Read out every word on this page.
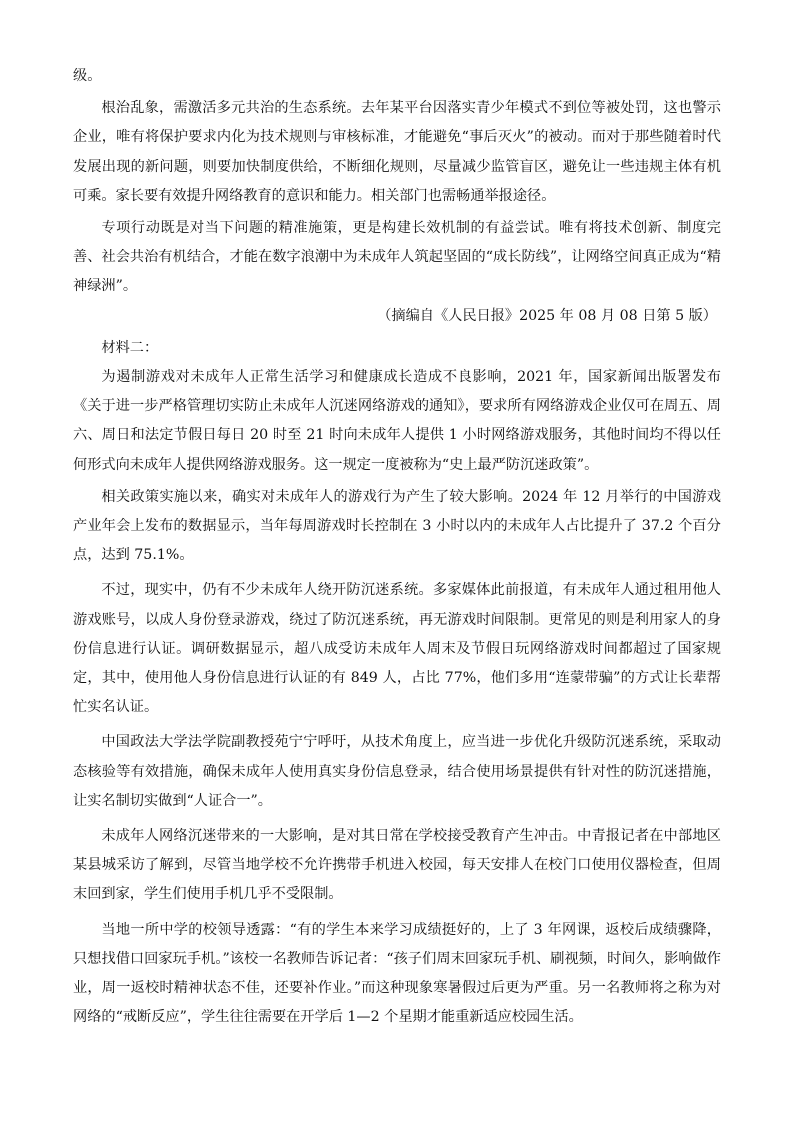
级。

根治乱象，需激活多元共治的生态系统。去年某平台因落实青少年模式不到位等被处罚，这也警示企业，唯有将保护要求内化为技术规则与审核标准，才能避免“事后灭火”的被动。而对于那些随着时代发展出现的新问题，则要加快制度供给，不断细化规则，尽量减少监管盲区，避免让一些违规主体有机可乘。家长要有效提升网络教育的意识和能力。相关部门也需畅通举报途径。

专项行动既是对当下问题的精准施策，更是构建长效机制的有益尝试。唯有将技术创新、制度完善、社会共治有机结合，才能在数字浪潮中为未成年人筑起坚固的“成长防线”，让网络空间真正成为“精神绿洲”。

（摘编自《人民日报》2025 年 08 月 08 日第 5 版）

材料二：

为遏制游戏对未成年人正常生活学习和健康成长造成不良影响，2021 年，国家新闻出版署发布《关于进一步严格管理切实防止未成年人沉迷网络游戏的通知》，要求所有网络游戏企业仅可在周五、周六、周日和法定节假日每日 20 时至 21 时向未成年人提供 1 小时网络游戏服务，其他时间均不得以任何形式向未成年人提供网络游戏服务。这一规定一度被称为“史上最严防沉迷政策”。

相关政策实施以来，确实对未成年人的游戏行为产生了较大影响。2024 年 12 月举行的中国游戏产业年会上发布的数据显示，当年每周游戏时长控制在 3 小时以内的未成年人占比提升了 37.2 个百分点，达到 75.1%。

不过，现实中，仍有不少未成年人绕开防沉迷系统。多家媒体此前报道，有未成年人通过租用他人游戏账号，以成人身份登录游戏，绕过了防沉迷系统，再无游戏时间限制。更常见的则是利用家人的身份信息进行认证。调研数据显示，超八成受访未成年人周末及节假日玩网络游戏时间都超过了国家规定，其中，使用他人身份信息进行认证的有 849 人，占比 77%，他们多用“连蒙带骗”的方式让长辈帮忙实名认证。

中国政法大学法学院副教授苑宁宁呼吁，从技术角度上，应当进一步优化升级防沉迷系统，采取动态核验等有效措施，确保未成年人使用真实身份信息登录，结合使用场景提供有针对性的防沉迷措施，让实名制切实做到“人证合一”。

未成年人网络沉迷带来的一大影响，是对其日常在学校接受教育产生冲击。中青报记者在中部地区某县城采访了解到，尽管当地学校不允许携带手机进入校园，每天安排人在校门口使用仪器检查，但周末回到家，学生们使用手机几乎不受限制。

当地一所中学的校领导透露：“有的学生本来学习成绩挺好的，上了 3 年网课，返校后成绩骤降，只想找借口回家玩手机。”该校一名教师告诉记者：“孩子们周末回家玩手机、刷视频，时间久，影响做作业，周一返校时精神状态不佳，还要补作业。”而这种现象寒暑假过后更为严重。另一名教师将之称为对网络的“戒断反应”，学生往往需要在开学后 1—2 个星期才能重新适应校园生活。
